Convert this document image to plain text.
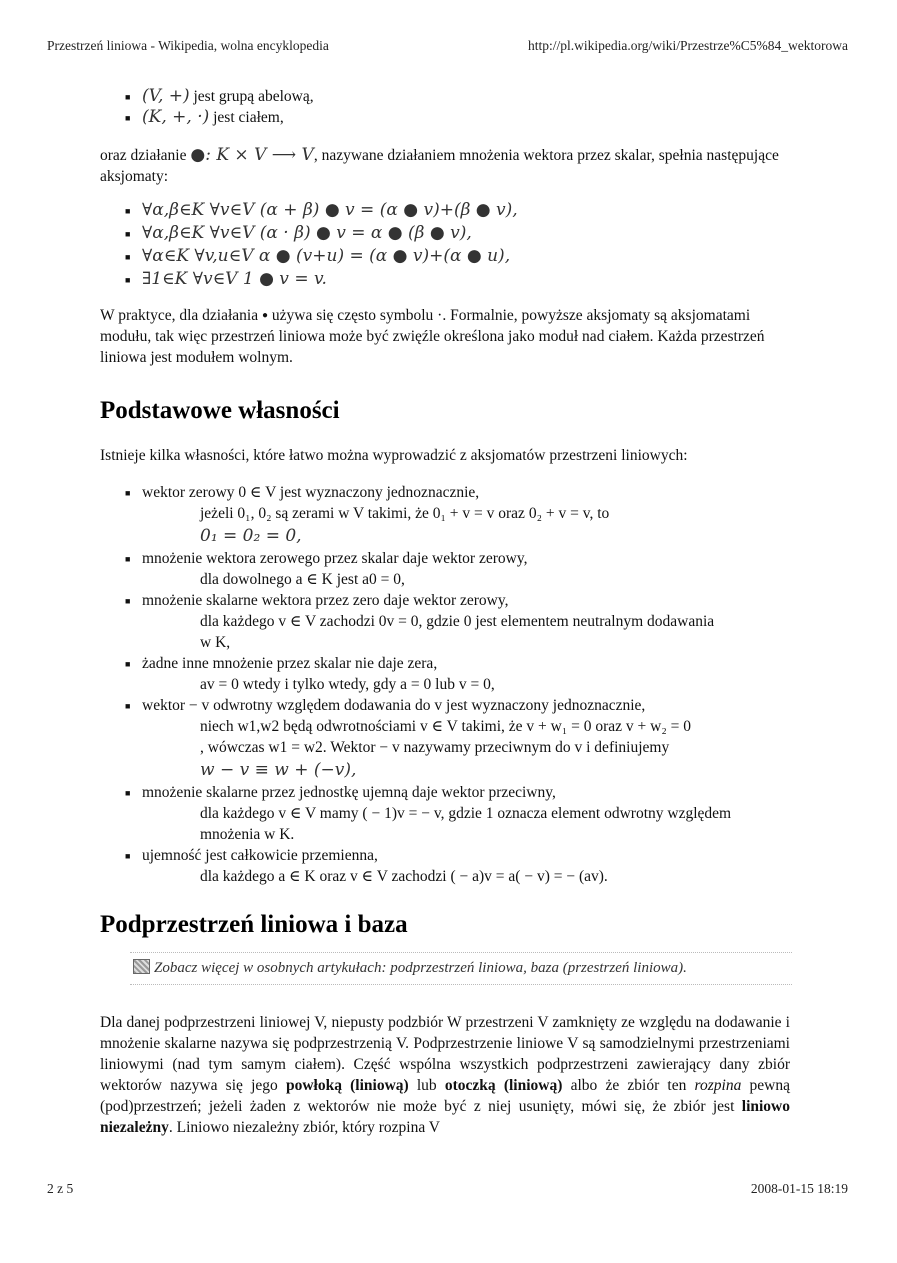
Przestrzeń liniowa - Wikipedia, wolna encyklopedia	http://pl.wikipedia.org/wiki/Przestrze%C5%84_wektorowa
■ (V, +) jest grupą abelową,
■ (K, +, ·) jest ciałem,

oraz działanie ●: K × V ⟶ V, nazywane działaniem mnożenia wektora przez skalar, spełnia następujące aksjomaty:

■ ∀α,β∈K ∀v∈V (α + β) ● v = (α ● v)+(β ● v),
■ ∀α,β∈K ∀v∈V (α · β) ● v = α ● (β ● v),
■ ∀α∈K ∀v,u∈V α ● (v+u) = (α ● v)+(α ● u),
■ ∃1∈K ∀v∈V 1 ● v = v.

W praktyce, dla działania ● używa się często symbolu ·. Formalnie, powyższe aksjomaty są aksjomatami modułu, tak więc przestrzeń liniowa może być zwięźle określona jako moduł nad ciałem. Każda przestrzeń liniowa jest modułem wolnym.

Podstawowe własności

Istnieje kilka własności, które łatwo można wyprowadzić z aksjomatów przestrzeni liniowych:

■ wektor zerowy 0 ∈ V jest wyznaczony jednoznacznie,
jeżeli 0₁, 0₂ są zerami w V takimi, że 0₁ + v = v oraz 0₂ + v = v, to
0₁ = 0₂ = 0,
■ mnożenie wektora zerowego przez skalar daje wektor zerowy,
dla dowolnego a ∈ K jest a0 = 0,
■ mnożenie skalarne wektora przez zero daje wektor zerowy,
dla każdego v ∈ V zachodzi 0v = 0, gdzie 0 jest elementem neutralnym dodawania
w K,
■ żadne inne mnożenie przez skalar nie daje zera,
av = 0 wtedy i tylko wtedy, gdy a = 0 lub v = 0,
■ wektor − v odwrotny względem dodawania do v jest wyznaczony jednoznacznie,
niech w1,w2 będą odwrotnościami v ∈ V takimi, że v + w₁ = 0 oraz v + w₂ = 0
, wówczas w1 = w2. Wektor − v nazywamy przeciwnym do v i definiujemy
w − v ≡ w + (−v),
■ mnożenie skalarne przez jednostkę ujemną daje wektor przeciwny,
dla każdego v ∈ V mamy ( − 1)v = − v, gdzie 1 oznacza element odwrotny względem
mnożenia w K.
■ ujemność jest całkowicie przemienna,
dla każdego a ∈ K oraz v ∈ V zachodzi ( − a)v = a( − v) = − (av).
Podprzestrzeń liniowa i baza
Zobacz więcej w osobnych artykułach: podprzestrzeń liniowa, baza (przestrzeń liniowa).

Dla danej podprzestrzeni liniowej V, niepusty podzbiór W przestrzeni V zamknięty ze względu na dodawanie i mnożenie skalarne nazywa się podprzestrzenią V. Podprzestrzenie liniowe V są samodzielnymi przestrzeniami liniowymi (nad tym samym ciałem). Część wspólna wszystkich podprzestrzeni zawierający dany zbiór wektorów nazywa się jego powłoką (liniową) lub otoczką (liniową) albo że zbiór ten rozpina pewną (pod)przestrzeń; jeżeli żaden z wektorów nie może być z niej usunięty, mówi się, że zbiór jest liniowo niezależny. Liniowo niezależny zbiór, który rozpina V

2 z 5	2008-01-15 18:19
